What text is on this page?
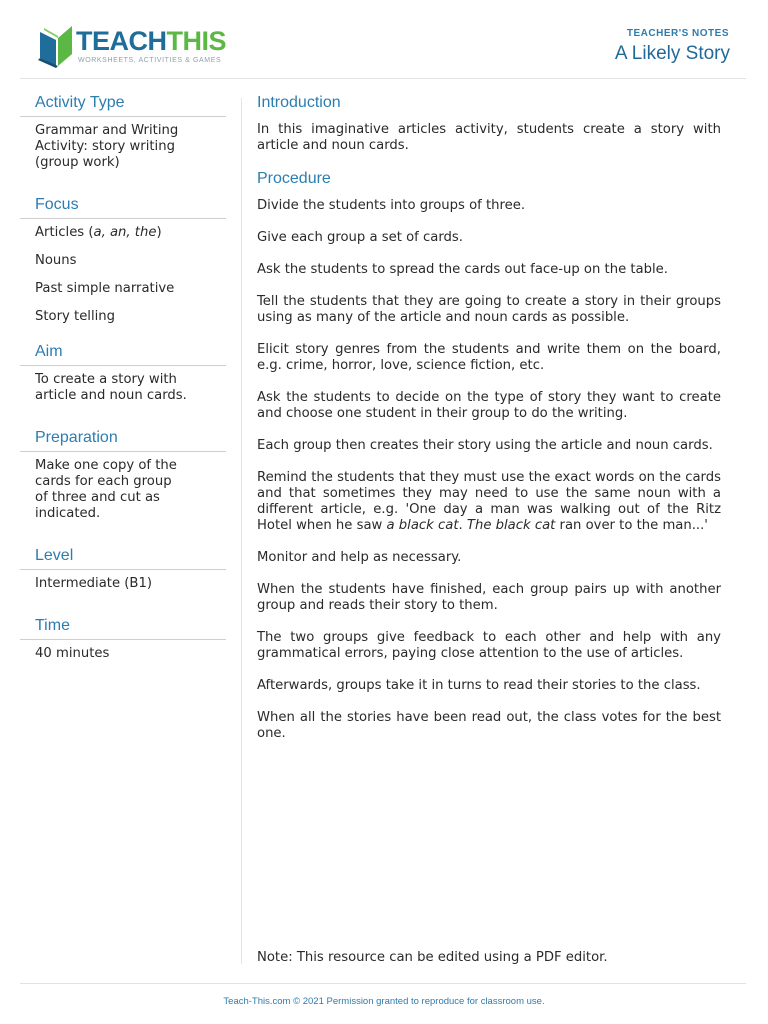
TEACHTHIS
WORKSHEETS, ACTIVITIES & GAMES
TEACHER'S NOTES
A Likely Story
Activity Type

Grammar and Writing
Activity: story writing
(group work)

Focus

Articles (a, an, the)

Nouns

Past simple narrative

Story telling

Aim

To create a story with
article and noun cards.

Preparation

Make one copy of the
cards for each group
of three and cut as
indicated.

Level

Intermediate (B1)

Time

40 minutes

Introduction

In this imaginative articles activity, students create a story with article and noun cards.

Procedure

Divide the students into groups of three.

Give each group a set of cards.

Ask the students to spread the cards out face-up on the table.

Tell the students that they are going to create a story in their groups using as many of the article and noun cards as possible.

Elicit story genres from the students and write them on the board, e.g. crime, horror, love, science fiction, etc.

Ask the students to decide on the type of story they want to create and choose one student in their group to do the writing.

Each group then creates their story using the article and noun cards.

Remind the students that they must use the exact words on the cards and that sometimes they may need to use the same noun with a different article, e.g. 'One day a man was walking out of the Ritz Hotel when he saw a black cat. The black cat ran over to the man...'

Monitor and help as necessary.

When the students have finished, each group pairs up with another group and reads their story to them.

The two groups give feedback to each other and help with any grammatical errors, paying close attention to the use of articles.

Afterwards, groups take it in turns to read their stories to the class.

When all the stories have been read out, the class votes for the best one.

Note: This resource can be edited using a PDF editor.
Teach-This.com © 2021 Permission granted to reproduce for classroom use.
